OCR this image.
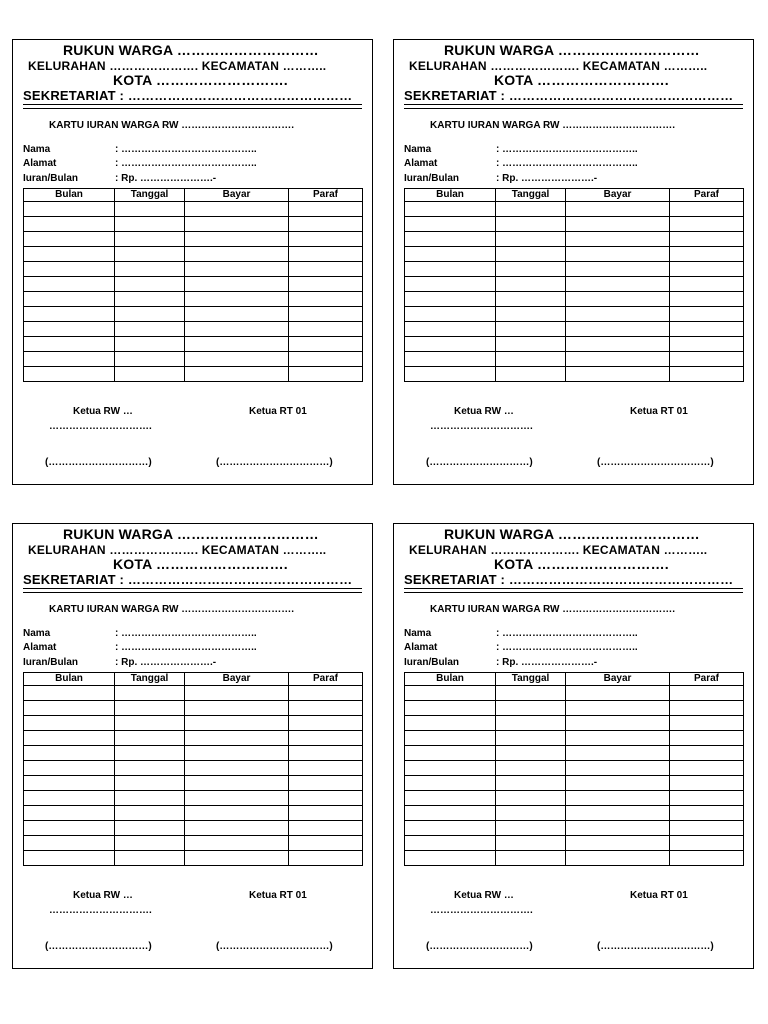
RUKUN WARGA …………………………
KELURAHAN …………………. KECAMATAN ………..
KOTA ……………………….
SEKRETARIAT : ……………………………………………
KARTU IURAN WARGA RW …………………………….
Nama	: …………………………………..
Alamat	: …………………………………..
Iuran/Bulan	: Rp. ………………….-
Bulan	Tanggal	Bayar	Paraf

Ketua RW …	Ketua RT 01
………………………….
(…………………………)	(……………………………)
RUKUN WARGA …………………………
KELURAHAN …………………. KECAMATAN ………..
KOTA ……………………….
SEKRETARIAT : ……………………………………………
KARTU IURAN WARGA RW …………………………….
Nama	: …………………………………..
Alamat	: …………………………………..
Iuran/Bulan	: Rp. ………………….-
Bulan	Tanggal	Bayar	Paraf

Ketua RW …	Ketua RT 01
………………………….
(…………………………)	(……………………………)
RUKUN WARGA …………………………
KELURAHAN …………………. KECAMATAN ………..
KOTA ……………………….
SEKRETARIAT : ……………………………………………
KARTU IURAN WARGA RW …………………………….
Nama	: …………………………………..
Alamat	: …………………………………..
Iuran/Bulan	: Rp. ………………….-
Bulan	Tanggal	Bayar	Paraf

Ketua RW …	Ketua RT 01
………………………….
(…………………………)	(……………………………)
RUKUN WARGA …………………………
KELURAHAN …………………. KECAMATAN ………..
KOTA ……………………….
SEKRETARIAT : ……………………………………………
KARTU IURAN WARGA RW …………………………….
Nama	: …………………………………..
Alamat	: …………………………………..
Iuran/Bulan	: Rp. ………………….-
Bulan	Tanggal	Bayar	Paraf

Ketua RW …	Ketua RT 01
………………………….
(…………………………)	(……………………………)
